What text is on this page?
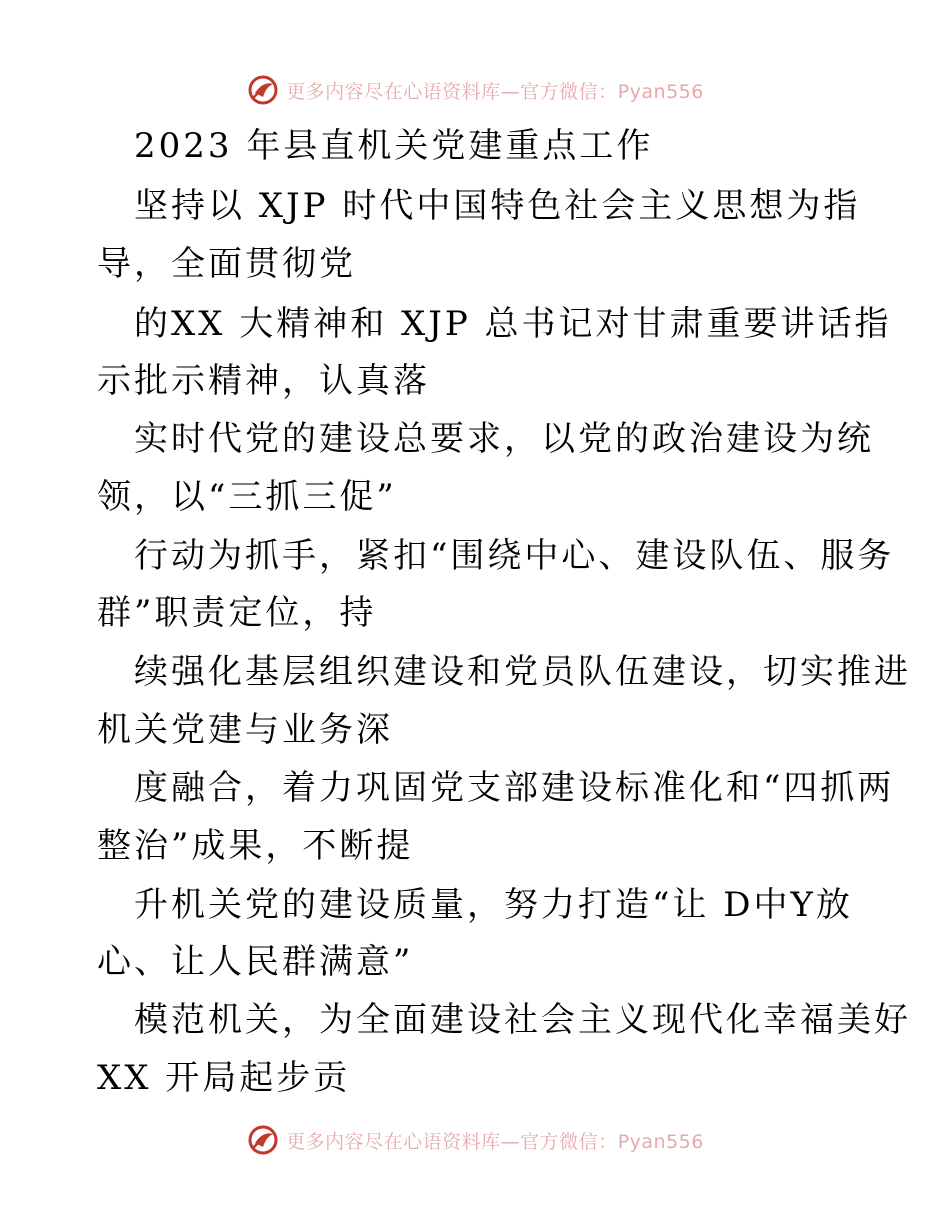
更多内容尽在心语资料库—官方微信：Pyan556
2023 年县直机关党建重点工作
坚持以 XJP 时代中国特色社会主义思想为指
导，全面贯彻党
的XX 大精神和 XJP 总书记对甘肃重要讲话指
示批示精神，认真落
实时代党的建设总要求，以党的政治建设为统
领，以“三抓三促”
行动为抓手，紧扣“围绕中心、建设队伍、服务
群”职责定位，持
续强化基层组织建设和党员队伍建设，切实推进
机关党建与业务深
度融合，着力巩固党支部建设标准化和“四抓两
整治”成果，不断提
升机关党的建设质量，努力打造“让 D中Y放
心、让人民群满意”
模范机关，为全面建设社会主义现代化幸福美好
XX 开局起步贡
更多内容尽在心语资料库—官方微信：Pyan556
